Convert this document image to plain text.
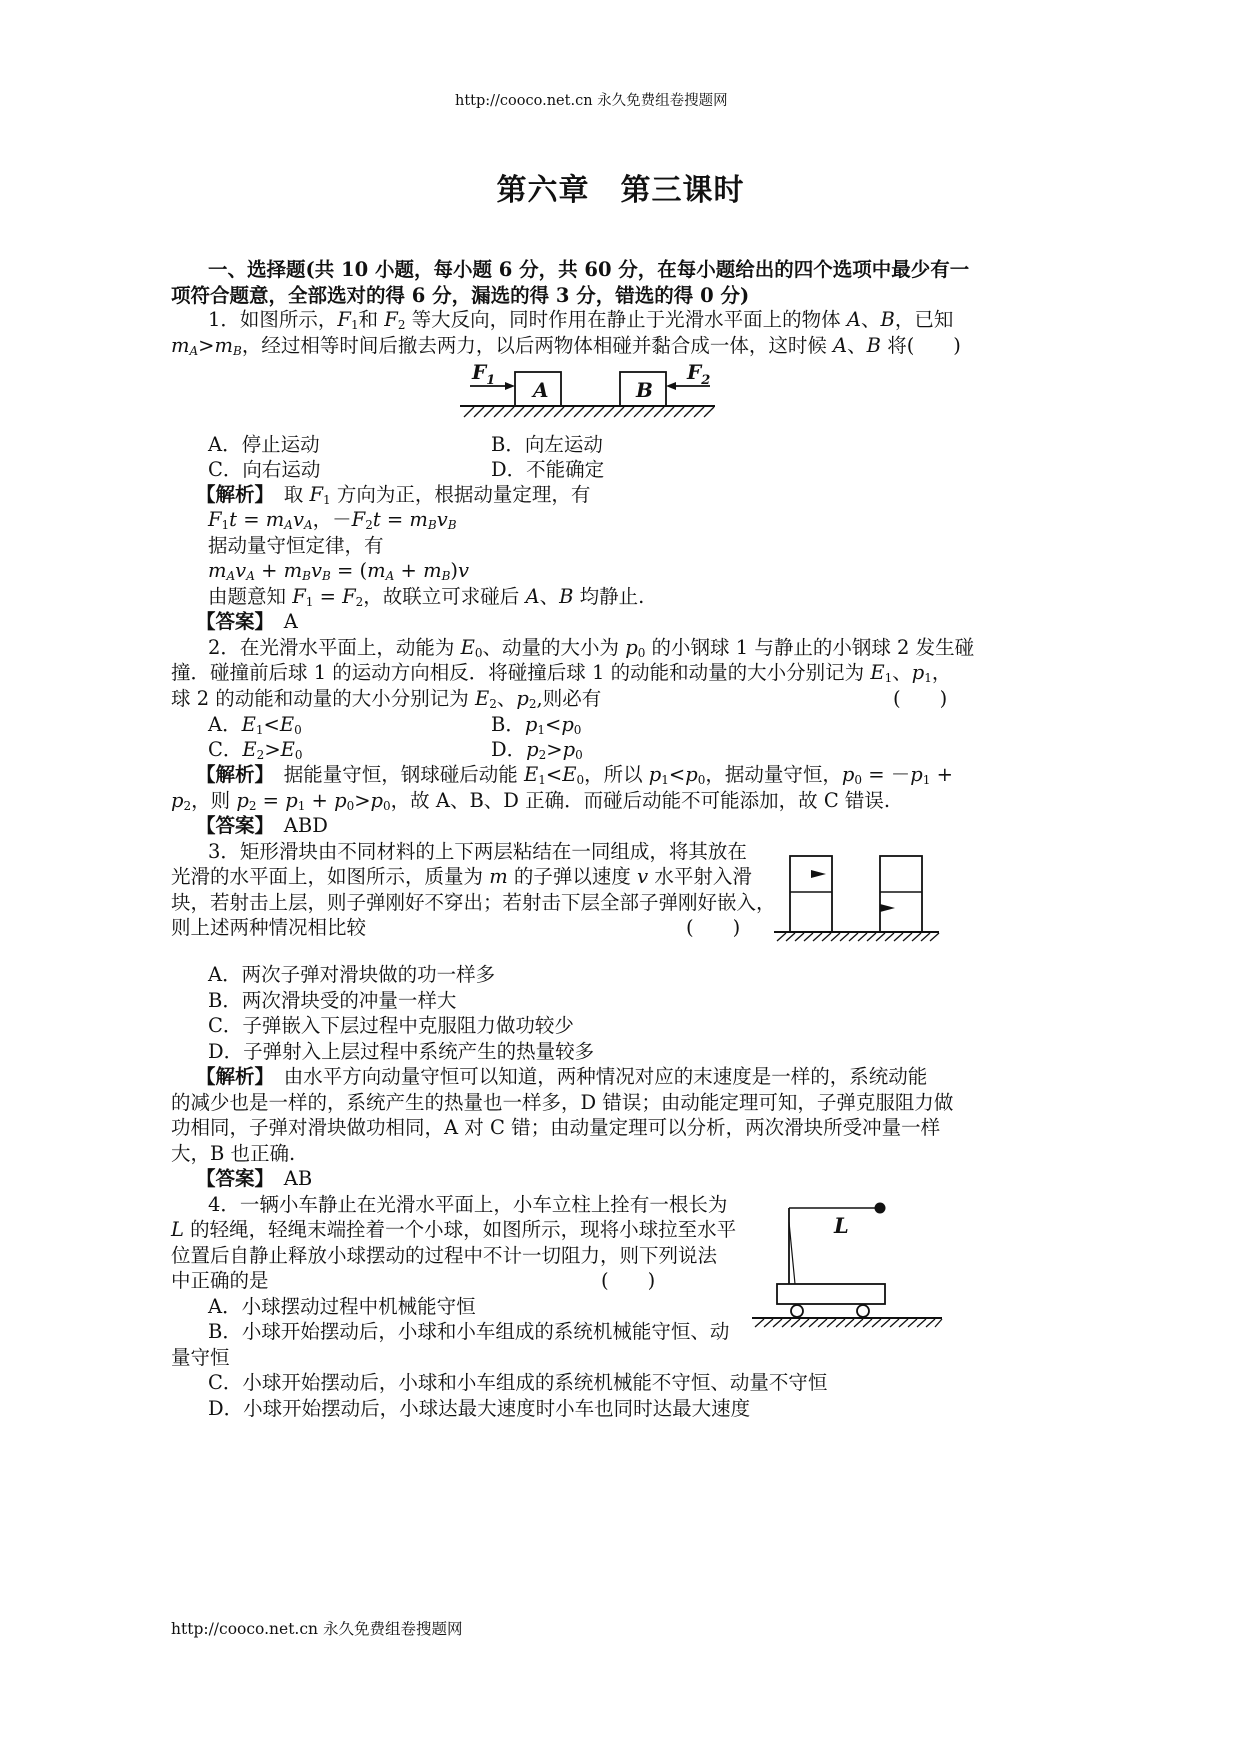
http://cooco.net.cn 永久免费组卷搜题网
第六章　第三课时
一、选择题(共 10 小题，每小题 6 分，共 60 分，在每小题给出的四个选项中最少有一
项符合题意，全部选对的得 6 分，漏选的得 3 分，错选的得 0 分)
1．如图所示，$F_1$和 $F_2$ 等大反向，同时作用在静止于光滑水平面上的物体 A、B，已知
$m_A>m_B$，经过相等时间后撤去两力，以后两物体相碰并黏合成一体，这时候 A、B 将(　　)
A	B
$F_1$	$F_2$
A．停止运动	B．向左运动
C．向右运动	D．不能确定
【解析】　取 $F_1$ 方向为正，根据动量定理，有
$F_1t = m_Av_A$，$-F_2t = m_Bv_B$
据动量守恒定律，有
$m_Av_A + m_Bv_B = (m_A + m_B)v$
由题意知 $F_1 = F_2$，故联立可求碰后 A、B 均静止.
【答案】　 A
2．在光滑水平面上，动能为 $E_0$、动量的大小为 $p_0$ 的小钢球 1 与静止的小钢球 2 发生碰
撞．碰撞前后球 1 的运动方向相反．将碰撞后球 1 的动能和动量的大小分别记为 $E_1$、$p_1$，
球 2 的动能和动量的大小分别记为 $E_2$、$p_2$,则必有	(　　)
A．$E_1<E_0$	B．$p_1<p_0$
C．$E_2>E_0$	D．$p_2>p_0$
【解析】　据能量守恒，钢球碰后动能 $E_1<E_0$，所以 $p_1<p_0$，据动量守恒，$p_0 = -p_1$ +
$p_2$，则 $p_2 = p_1 + p_0>p_0$，故 A、B、D 正确．而碰后动能不可能添加，故 C 错误.
【答案】　 ABD
3．矩形滑块由不同材料的上下两层粘结在一同组成，将其放在
光滑的水平面上，如图所示，质量为 m 的子弹以速度 v 水平射入滑
块，若射击上层，则子弹刚好不穿出；若射击下层全部子弹刚好嵌入，
则上述两种情况相比较	(　　)
A．两次子弹对滑块做的功一样多
B．两次滑块受的冲量一样大
C．子弹嵌入下层过程中克服阻力做功较少
D．子弹射入上层过程中系统产生的热量较多
【解析】　由水平方向动量守恒可以知道，两种情况对应的末速度是一样的，系统动能
的减少也是一样的，系统产生的热量也一样多，D 错误；由动能定理可知，子弹克服阻力做
功相同，子弹对滑块做功相同，A 对 C 错；由动量定理可以分析，两次滑块所受冲量一样
大，B 也正确.
【答案】　 AB
4．一辆小车静止在光滑水平面上，小车立柱上拴有一根长为
L 的轻绳，轻绳末端拴着一个小球，如图所示，现将小球拉至水平
位置后自静止释放小球摆动的过程中不计一切阻力，则下列说法
中正确的是	(　　)
L
A．小球摆动过程中机械能守恒
B．小球开始摆动后，小球和小车组成的系统机械能守恒、动
量守恒
C．小球开始摆动后，小球和小车组成的系统机械能不守恒、动量不守恒
D．小球开始摆动后，小球达最大速度时小车也同时达最大速度
http://cooco.net.cn 永久免费组卷搜题网
